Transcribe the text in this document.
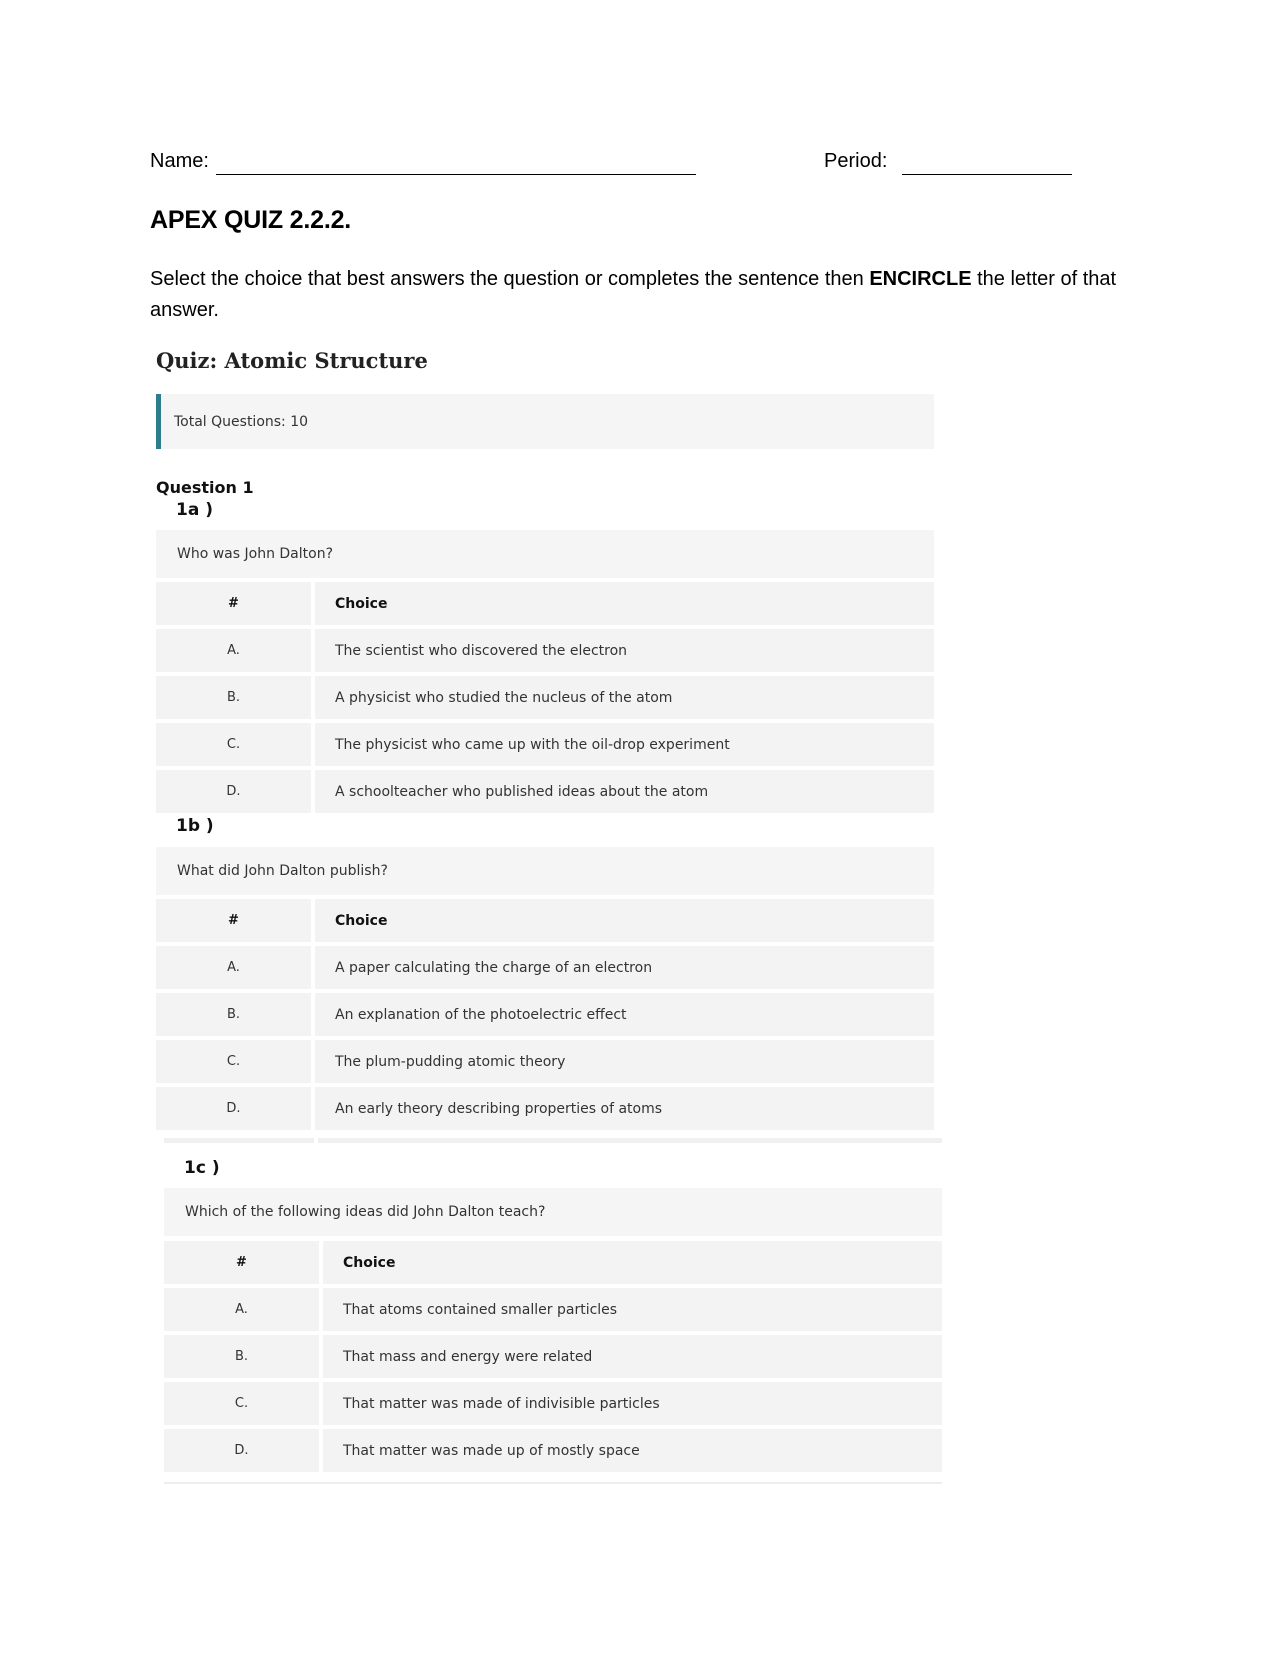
Name:	Period:
APEX QUIZ 2.2.2.

Select the choice that best answers the question or completes the sentence then ENCIRCLE the letter of that answer.

Quiz: Atomic Structure
Total Questions: 10
Question 1
1a )
Who was John Dalton?
#	Choice
A.	The scientist who discovered the electron
B.	A physicist who studied the nucleus of the atom
C.	The physicist who came up with the oil-drop experiment
D.	A schoolteacher who published ideas about the atom
1b )
What did John Dalton publish?
#	Choice
A.	A paper calculating the charge of an electron
B.	An explanation of the photoelectric effect
C.	The plum-pudding atomic theory
D.	An early theory describing properties of atoms
1c )
Which of the following ideas did John Dalton teach?
#	Choice
A.	That atoms contained smaller particles
B.	That mass and energy were related
C.	That matter was made of indivisible particles
D.	That matter was made up of mostly space
